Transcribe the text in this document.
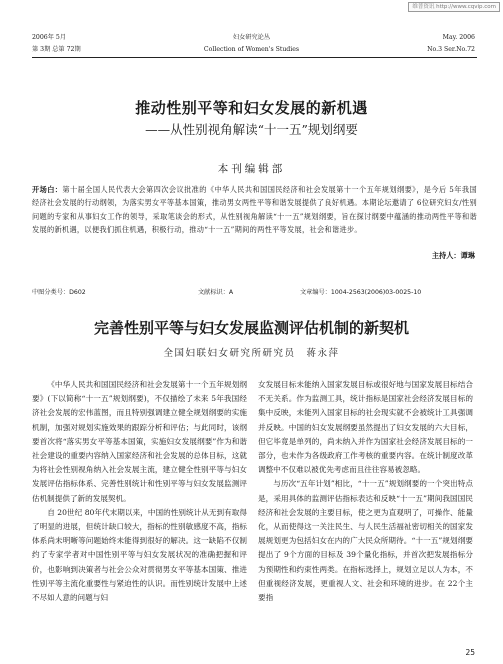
维普资讯 http://www.cqvip.com
2006年 5月
第 3期 总第 72期
妇女研究论丛
Collection of Women's Studies
May. 2006
No.3 Ser.No.72
推动性别平等和妇女发展的新机遇
——从性别视角解读“十一五”规划纲要
本刊编辑部
开场白：第十届全国人民代表大会第四次会议批准的《中华人民共和国国民经济和社会发展第十一个五年规划纲要》，是今后 5年我国经济社会发展的行动纲领，为落实男女平等基本国策，推动男女两性平等和谐发展提供了良好机遇。本期论坛邀请了 6位研究妇女/性别问题的专家和从事妇女工作的领导，采取笔谈会的形式，从性别视角解读“十一五”规划纲要，旨在探讨纲要中蕴涵的推动两性平等和谐发展的新机遇，以便我们抓住机遇，积极行动，推动“十一五”期间的两性平等发展，社会和谐进步。
主持人：谭琳
中图分类号：D602	文献标识：A	文章编号：1004-2563(2006)03-0025-10
完善性别平等与妇女发展监测评估机制的新契机
全国妇联妇女研究所研究员　蒋永萍

《中华人民共和国国民经济和社会发展第十一个五年规划纲要》(下以简称“十一五”规划纲要)，不仅描绘了未来 5年我国经济社会发展的宏伟蓝图，而且特别强调建立健全规划纲要的实施机制，加强对规划实施效果的跟踪分析和评估；与此同时，该纲要首次将“落实男女平等基本国策，实施妇女发展纲要”作为和谐社会建设的重要内容纳入国家经济和社会发展的总体目标，这就为将社会性别视角纳入社会发展主流，建立健全性别平等与妇女发展评估指标体系、完善性别统计和性别平等与妇女发展监测评估机制提供了新的发展契机。

自 20世纪 80年代末期以来，中国的性别统计从无到有取得了明显的进展，但统计缺口较大，指标的性别敏感度不高，指标体系尚未明晰等问题始终未能得到很好的解决。这一缺陷不仅制约了专家学者对中国性别平等与妇女发展状况的准确把握和评价，也影响到决策者与社会公众对贯彻男女平等基本国策、推进性别平等主流化重要性与紧迫性的认识。而性别统计发展中上述不尽如人意的问题与妇

女发展目标未能纳入国家发展目标或很好地与国家发展目标结合不无关系。作为监测工具，统计指标是国家社会经济发展目标的集中反映，未能列入国家目标的社会现实就不会被统计工具强调并反映。中国的妇女发展纲要虽然提出了妇女发展的六大目标，但它毕竟是单列的，尚未纳入并作为国家社会经济发展目标的一部分，也未作为各级政府工作考核的重要内容。在统计制度改革调整中不仅难以被优先考虑而且往往容易被忽略。

与历次“五年计划”相比，“十一五”规划纲要的一个突出特点是，采用具体的监测评估指标表达和反映“十一五”期间我国国民经济和社会发展的主要目标，使之更为直观明了，可操作、能量化，从而使得这一关注民生、与人民生活福祉密切相关的国家发展规划更为包括妇女在内的广大民众所期待。“十一五”规划纲要提出了 9个方面的目标及 39个量化指标，并首次把发展指标分为预期性和约束性两类。在指标选择上，规划立足以人为本，不但重视经济发展，更重视人文、社会和环境的进步。在 22个主要指

25
